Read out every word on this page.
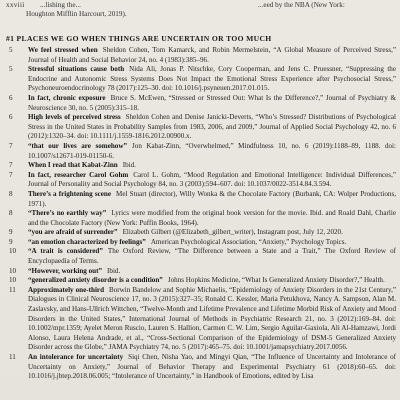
xxviii ...lishing the...	...eed by the NBA (New York:
Houghton Mifflin Harcourt, 2019).
#1 PLACES WE GO WHEN THINGS ARE UNCERTAIN OR TOO MUCH
5	We feel stressed when Sheldon Cohen, Tom Kamarck, and Robin Mermelstein, “A Global Measure of Perceived Stress,” Journal of Health and Social Behavior 24, no. 4 (1983):385–96.
5	Stressful situations cause both Nida Ali, Jonas P. Nitschke, Cory Cooperman, and Jens C. Pruessner, “Suppressing the Endocrine and Autonomic Stress Systems Does Not Impact the Emotional Stress Experience after Psychosocial Stress,” Psychoneuroendocrinology 78 (2017):125–30. doi: 10.1016/j.psyneuen.2017.01.015.
6	In fact, chronic exposure Bruce S. McEwen, “Stressed or Stressed Out: What Is the Difference?,” Journal of Psychiatry & Neuroscience 30, no. 5 (2005):315–18.
6	High levels of perceived stress Sheldon Cohen and Denise Janicki-Deverts, “Who’s Stressed? Distributions of Psychological Stress in the United States in Probability Samples from 1983, 2006, and 2009,” Journal of Applied Social Psychology 42, no. 6 (2012):1320–34. doi: 10.1111/j.1559-1816.2012.00900.x.
7	“that our lives are somehow” Jon Kabat-Zinn, “Overwhelmed,” Mindfulness 10, no. 6 (2019):1188–89, 1188. doi: 10.1007/s12671-019-01150-6.
7	When I read that Kabat-Zinn Ibid.
7	In fact, researcher Carol Gohm Carol L. Gohm, “Mood Regulation and Emotional Intelligence: Individual Differences,” Journal of Personality and Social Psychology 84, no. 3 (2003):594–607. doi: 10.1037/0022-3514.84.3.594.
8	There’s a frightening scene Mel Stuart (director), Willy Wonka & the Chocolate Factory (Burbank, CA: Wolper Productions, 1971).
8	“There’s no earthly way” Lyrics were modified from the original book version for the movie. Ibid. and Roald Dahl, Charlie and the Chocolate Factory (New York: Puffin Books, 1964).
9	“you are afraid of surrender” Elizabeth Gilbert (@Elizabeth_gilbert_writer), Instagram post, July 12, 2020.
9	“an emotion characterized by feelings” American Psychological Association, “Anxiety,” Psychology Topics.
10	“A trait is considered” The Oxford Review, “The Difference between a State and a Trait,” The Oxford Review of Encyclopaedia of Terms.
10	“However, working out” Ibid.
10	“generalized anxiety disorder is a condition” Johns Hopkins Medicine, “What Is Generalized Anxiety Disorder?,” Health.
11	Approximately one-third Borwin Bandelow and Sophie Michaelis, “Epidemiology of Anxiety Disorders in the 21st Century,” Dialogues in Clinical Neuroscience 17, no. 3 (2015):327–35; Ronald C. Kessler, Maria Petukhova, Nancy A. Sampson, Alan M. Zaslavsky, and Hans-Ullrich Wittchen, “Twelve-Month and Lifetime Prevalence and Lifetime Morbid Risk of Anxiety and Mood Disorders in the United States,” International Journal of Methods in Psychiatric Research 21, no. 3 (2012):169–84. doi: 10.1002/mpr.1359; Ayelet Meron Ruscio, Lauren S. Hallion, Carmen C. W. Lim, Sergio Aguilar-Gaxiola, Ali Al-Hamzawi, Jordi Alonso, Laura Helena Andrade, et al., “Cross-Sectional Comparison of the Epidemiology of DSM-5 Generalized Anxiety Disorder across the Globe,” JAMA Psychiatry 74, no. 5 (2017):465–75. doi: 10.1001/jamapsychiatry.2017.0056.
11	An intolerance for uncertainty Siqi Chen, Nisha Yao, and Mingyi Qian, “The Influence of Uncertainty and Intolerance of Uncertainty on Anxiety,” Journal of Behavior Therapy and Experimental Psychiatry 61 (2018):60–65. doi: 10.1016/j.jbtep.2018.06.005; “Intolerance of Uncertainty,” in Handbook of Emotions, edited by Lisa
